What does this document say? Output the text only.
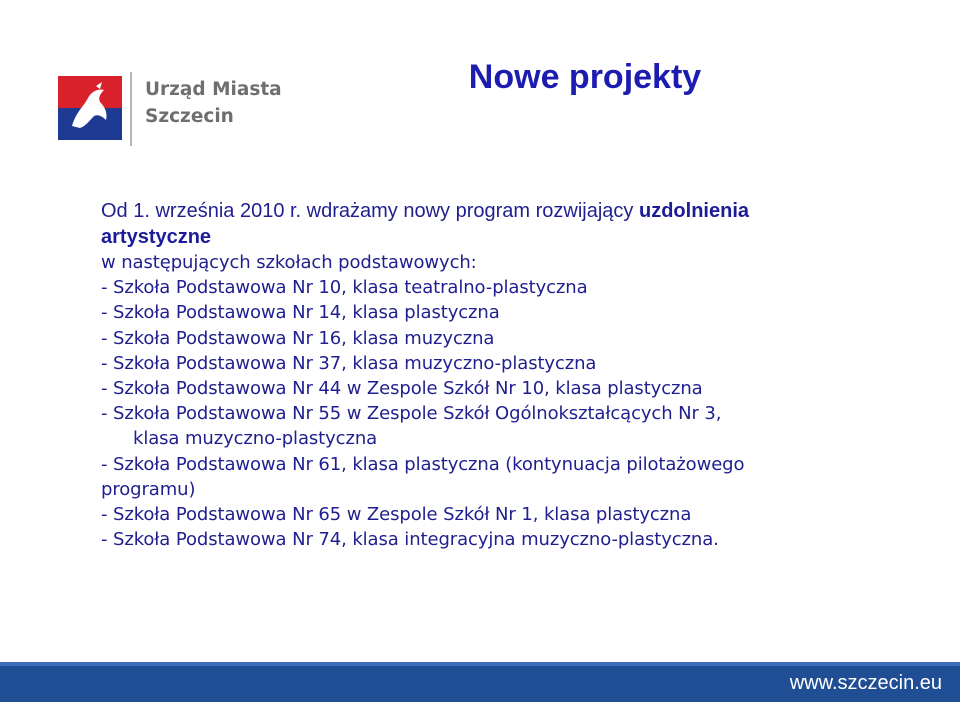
Urząd Miasta
Szczecin
Nowe projekty
Od 1. września 2010 r. wdrażamy nowy program rozwijający uzdolnienia artystyczne
w następujących szkołach podstawowych:
- Szkoła Podstawowa Nr 10, klasa teatralno-plastyczna
- Szkoła Podstawowa Nr 14, klasa plastyczna
- Szkoła Podstawowa Nr 16, klasa muzyczna
- Szkoła Podstawowa Nr 37, klasa muzyczno-plastyczna
- Szkoła Podstawowa Nr 44 w Zespole Szkół Nr 10, klasa plastyczna
- Szkoła Podstawowa Nr 55 w Zespole Szkół Ogólnokształcących Nr 3,
klasa muzyczno-plastyczna
- Szkoła Podstawowa Nr 61, klasa plastyczna (kontynuacja pilotażowego
programu)
- Szkoła Podstawowa Nr 65 w Zespole Szkół Nr 1, klasa plastyczna
- Szkoła Podstawowa Nr 74, klasa integracyjna muzyczno-plastyczna.
www.szczecin.eu
